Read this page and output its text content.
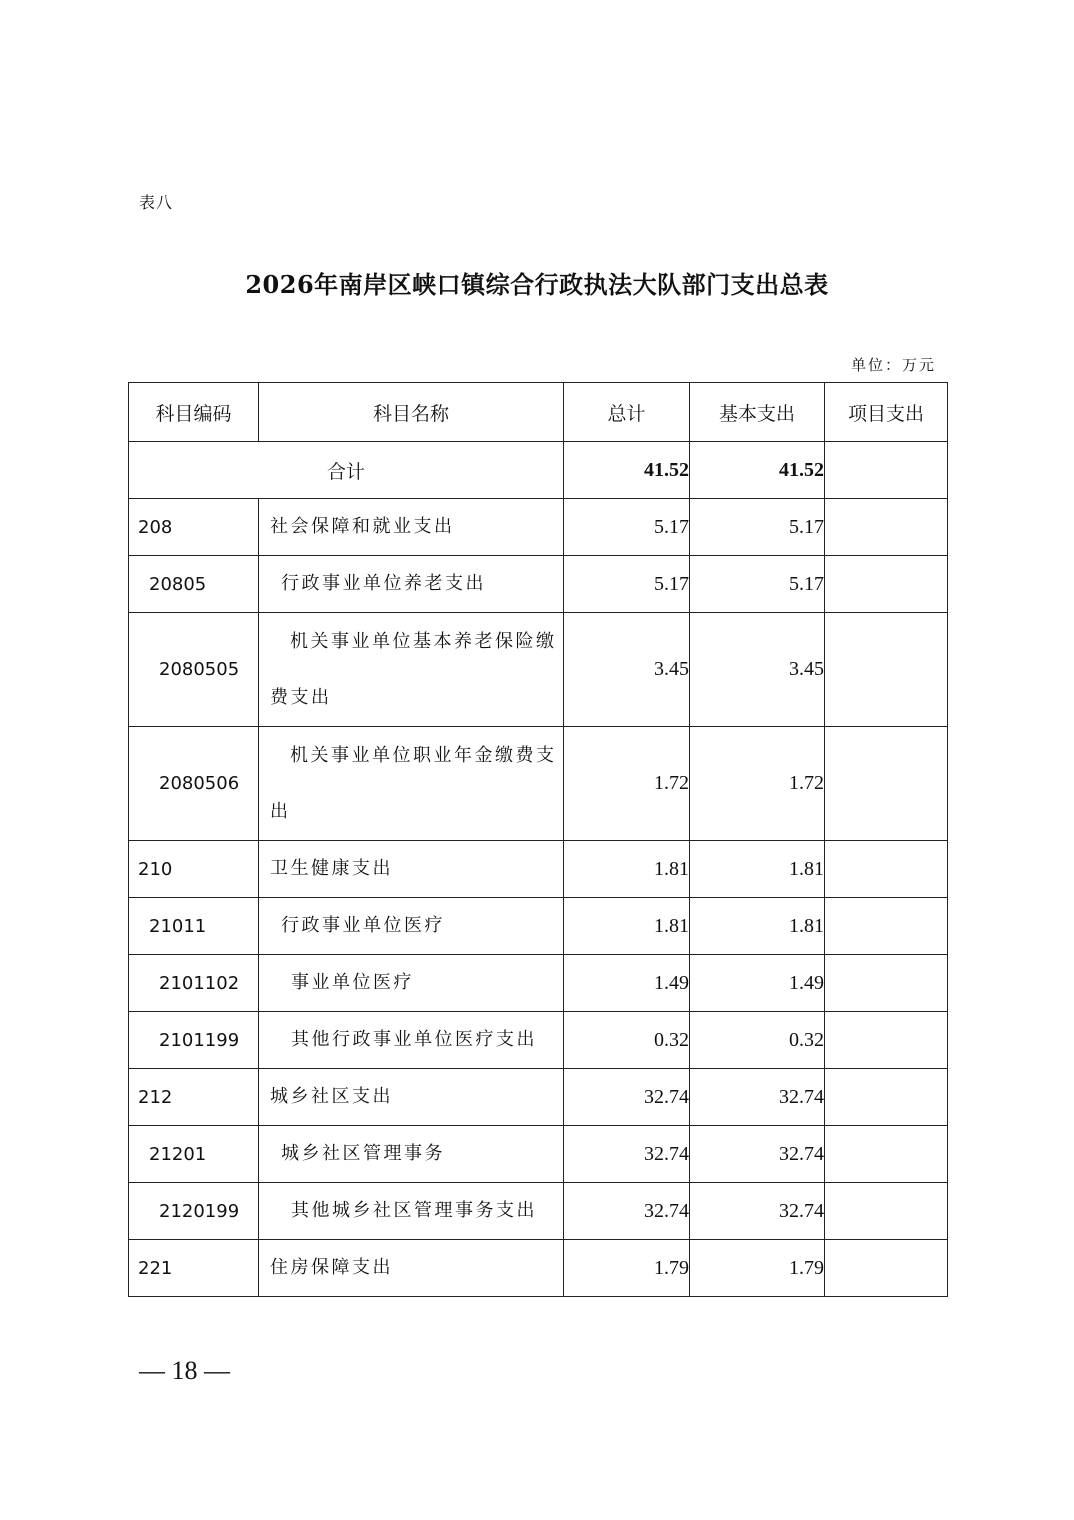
表八
2026年南岸区峡口镇综合行政执法大队部门支出总表
单位：万元
科目编码	科目名称	总计	基本支出	项目支出
合计		41.52	41.52	
208	社会保障和就业支出	5.17	5.17	
20805	行政事业单位养老支出	5.17	5.17	
2080505	机关事业单位基本养老保险缴费支出	3.45	3.45	
2080506	机关事业单位职业年金缴费支出	1.72	1.72	
210	卫生健康支出	1.81	1.81	
21011	行政事业单位医疗	1.81	1.81	
2101102	事业单位医疗	1.49	1.49	
2101199	其他行政事业单位医疗支出	0.32	0.32	
212	城乡社区支出	32.74	32.74	
21201	城乡社区管理事务	32.74	32.74	
2120199	其他城乡社区管理事务支出	32.74	32.74	
221	住房保障支出	1.79	1.79	
— 18 —
